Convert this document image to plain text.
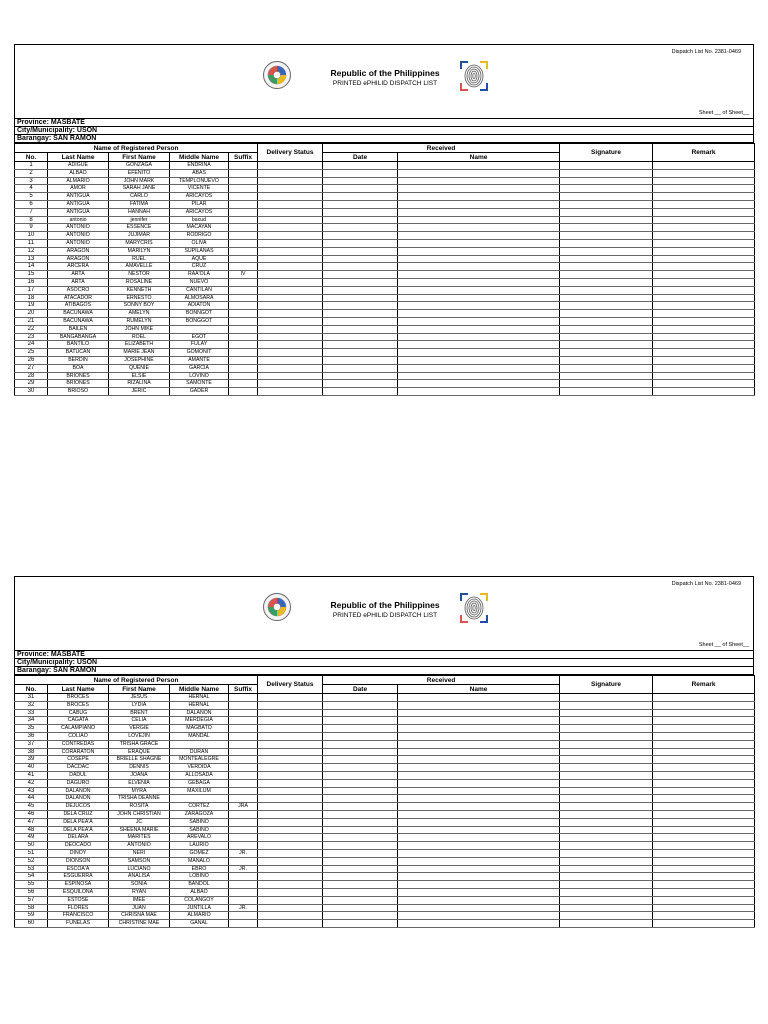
Dispatch List No. 2381-0469
Republic of the Philippines
PRINTED ePHILID DISPATCH LIST
Sheet __ of Sheet__
Province: MASBATE
City/Municipality: USON
Barangay: SAN RAMON
Name of Registered Person					Delivery Status	Received		Signature	Remark
No.	Last Name	First Name	Middle Name	Suffix		Date	Name		
1	ADIGUE	GONZAGA	ENDRINA						
2	ALBAO	EFENITO	ABAS						
3	ALMARIO	JOHN MARK	TEMPLONUEVO						
4	AMOR	SARAH JANE	VICENTE						
5	ANTIGUA	CARLO	ARICAYOS						
6	ANTIGUA	FATIMA	PILAR						
7	ANTIGUA	HANNAH	ARICAYOS						
8	antonio	jennifer	bacud						
9	ANTONIO	ESSENCE	MACAYAN						
10	ANTONIO	JUJIMAR	RODRIGO						
11	ANTONIO	MARYCRIS	OLIVA						
12	ARAGON	MARILYN	SUPILANAS						
13	ARAGON	RUEL	AQUE						
14	ARCERA	AMAVELLE	CRUZ						
15	ARTA	NESTOR	RAÃ'OLA	IV					
16	ARTA	ROSALINE	NUEVO						
17	ASOCRO	KENNETH	CANTILAN						
18	ATACADOR	ERNESTO	ALMOSARA						
19	ATIBAGOS	SONNY BOY	ADIATON						
20	BACUNAWA	AMELYN	BONNGOT						
21	BACUNAWA	RUMELYN	BONGGOT						
22	BAILEN	JOHN MIKE							
23	BANGABANGA	ROEL	EGOT						
24	BANTILO	ELIZABETH	FULAY						
25	BATUCAN	MARIE JEAN	GOMONIT						
26	BERDIN	JOSEPHINE	AMANTE						
27	BOA	QUENIE	GARCIA						
28	BRIONES	ELSIE	LOVINO						
29	BRIONES	RIZALINA	SAMONTE						
30	BRIOSO	JERIC	GADER						
Dispatch List No. 2381-0469
Republic of the Philippines
PRINTED ePHILID DISPATCH LIST
Sheet __ of Sheet__
Province: MASBATE
City/Municipality: USON
Barangay: SAN RAMON
Name of Registered Person					Delivery Status	Received		Signature	Remark
No.	Last Name	First Name	Middle Name	Suffix		Date	Name		
31	BROCES	JESUS	HERNAL						
32	BROCES	LYDIA	HERNAL						
33	CABUG	BRENT	DALANON						
34	CAGATA	CELIA	MERDEGIA						
35	CALAMPIANO	VERGIE	MAGBATO						
36	COLIAO	LOVEJIN	MANDAL						
37	CONTREDAS	TRISHA GRACE							
38	CORARATON	ERAQUE	DURAN						
39	COSEPE	BRIELLE SHAGNE	MONTEALEGRE						
40	DACDAC	DENNIS	VERDIDA						
41	DADUL	JOANA	ALLOSADA						
42	DAGURO	ELVENIA	GEBAGA						
43	DALANON	MYRA	MAXILUM						
44	DALANON	TRISHA DEANNE							
45	DEJUCOS	ROSITA	CORTEZ	JRA					
46	DELA CRUZ	JOHN CHRISTIAN	ZARAGOZA						
47	DELA PEÃ'A	JC	SABINO						
48	DELA PEÃ'A	SHEENA MARIE	SABINO						
49	DELARA	MARITES	AREVALO						
50	DEOCADO	ANTONIO	LAURIO						
51	DINOY	NERI	GOMEZ	JR.					
52	DIONSON	SAMSON	MANALO						
53	ESCOÃ'A	LUCIANO	EBRO	JR.					
54	ESGUERRA	ANALISA	LOBINO						
55	ESPINOSA	SONIA	BANDOL						
56	ESQUILONA	RYAN	ALBAO						
57	ESTOSE	IMEE	COLANGOY						
58	FLORES	JUAN	JUNTILLA	JR.					
59	FRANCISCO	CHRISNA MAE	ALMARIO						
60	FUNELAS	CHRISTINE MAE	GANAL						
